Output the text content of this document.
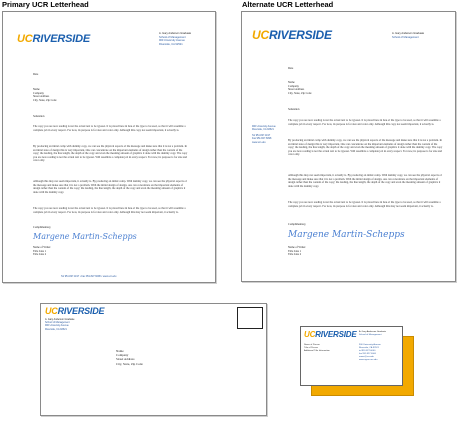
Primary UCR Letterhead	Alternate UCR Letterhead
UCRIVERSIDE	A. Gary Anderson Graduate
School of Management
900 University Avenue
Riverside, CA 92521
Date
Name
Company
Street Address
City, State, Zip Code
Salutation
The copy you are now reading is not the actual text to be typeset. It is placed here in lieu of the type to be used, so that it will resemble a complete job in every respect. For now, its purpose is for size and color only. Although this copy not seem important, it actually is.
By producing an initial comp with dummy copy, we can see the physical aspects of the message and make sure that it is not a problem. In an initial state of design this is very important. One can concentrate on the important elements of design rather than the content of the copy; the leading, the line length, the depth of the copy and even the meaning amount of graphics it done with the dummy copy. The copy you are now reading is not the actual text to be typeset. Will resemble a complete job in every respect. For now, its purpose is for size and color only.
Although this may not seem important, it actually is. By producing an initial comp. With dummy copy, we can see the physical aspects of the message and make sure that it is not a problem. With the initial design of design, one can concentrate on the important elements of design rather than the content of the copy; the leading, the line length, the depth of the copy and even the meaning amount of graphics it done with the dummy copy.
The copy you are now reading is not the actual text to be typeset. It is placed here in lieu of the type to be used, so that it will resemble a complete job in every respect. For now, its purpose is for size and color only. Although this may not seem important, it actually is.
Complimentary,
Margene Martin-Schepps
Name of Writer
Title Line 1
Title Line 2
Tel 951.827.1197 • Fax 951.827.6098 • www.ucr.edu
UCRIVERSIDE	A. Gary Anderson Graduate
School of Management
900 University Avenue
Riverside, CA 92521
Tel 951.827.1197
Fax 951.827.6098
www.ucr.edu
Date
Name
Company
Street Address
City, State, Zip Code
Salutation
The copy you are now reading is not the actual text to be typeset. It is placed here in lieu of the type to be used, so that it will resemble a complete job in every respect. For now, its purpose is for size and color only. Although this copy not seem important, it actually is.
By producing an initial comp with dummy copy, we can see the physical aspects of the message and make sure that it is not a problem. In an initial state of design this is very important. One can concentrate on the important elements of design rather than the content of the copy; the leading, the line length, the depth of the copy and even the meaning amount of graphics it done with the dummy copy. The copy you are now reading is not the actual text to be typeset. Will resemble a complete job in every respect. For now, its purpose is for size and color only.
Although this may not seem important, it actually is. By producing an initial comp. With dummy copy, we can see the physical aspects of the message and make sure that it is not a problem. With the initial design of design, one can concentrate on the important elements of design rather than the content of the copy; the leading, the line length, the depth of the copy and even the meaning amount of graphics it done with the dummy copy.
The copy you are now reading is not the actual text to be typeset. It is placed here in lieu of the type to be used, so that it will resemble a complete job in every respect. For now, its purpose is for size and color only. Although this may not seem important, it actually is.
Complimentary,
Margene Martin-Schepps
Name of Writer
Title Line 1
Title Line 2
UCRIVERSIDE
A. Gary Anderson Graduate
School of Management
900 University Avenue
Riverside, CA 92521
Name
Company
Street Address
City, State, Zip Code
UCRIVERSIDE A. Gary Anderson Graduate
School of Management
Name of Person
Title of Person
Additional Title Information
900 University Avenue
Riverside, CA 92521
tel 951.827.0000
fax 951.827.0000
name@ucr.edu
www.agsm.ucr.edu
